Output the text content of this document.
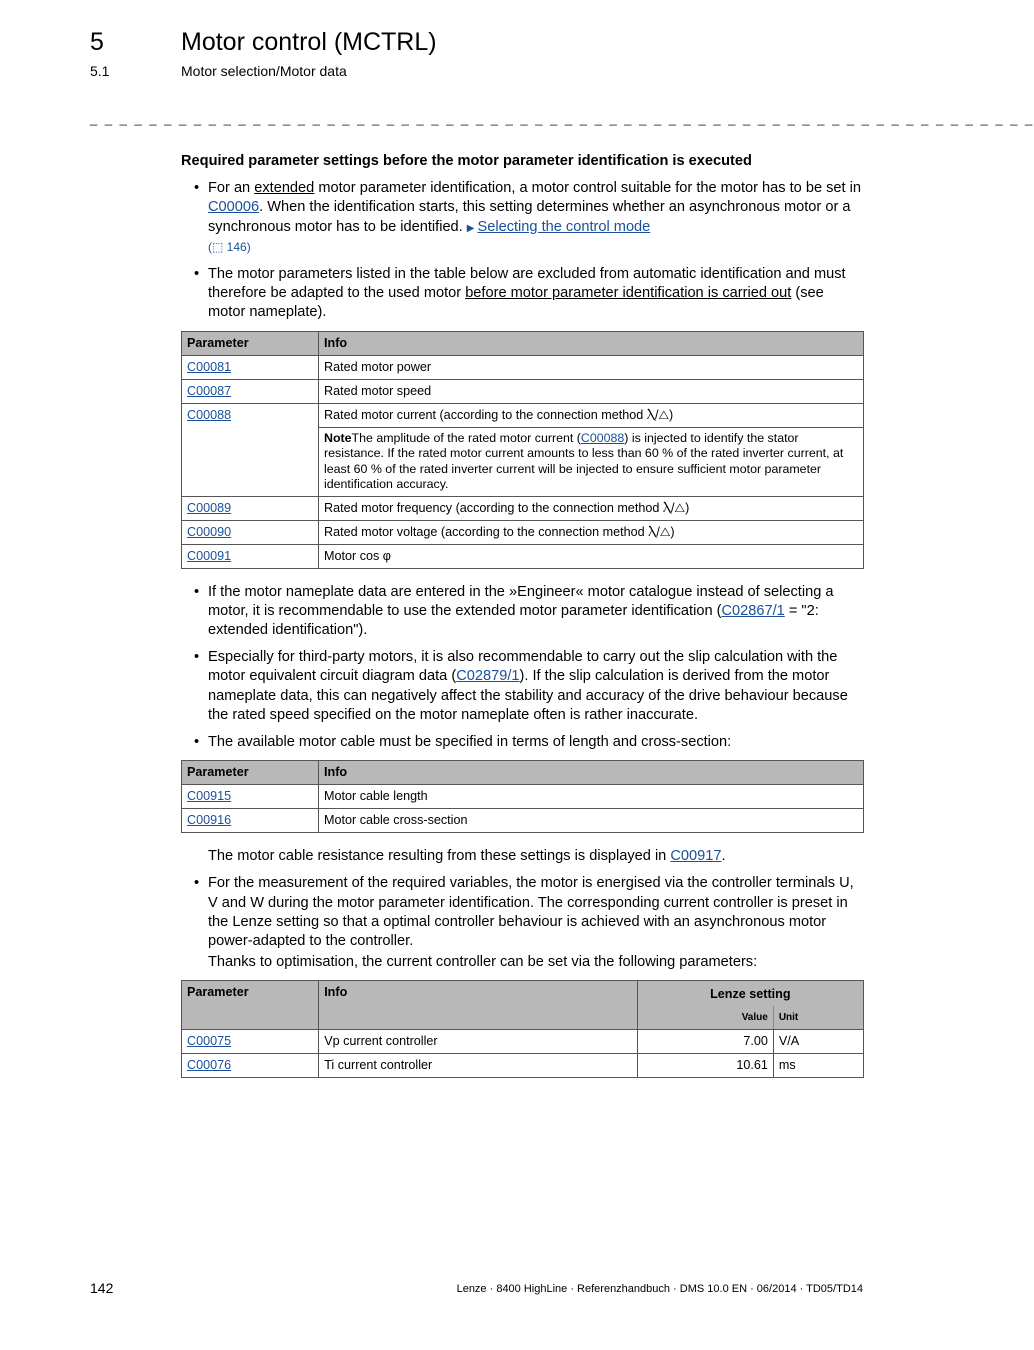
5	Motor control (MCTRL)
5.1	Motor selection/Motor data
_ _ _ _ _ _ _ _ _ _ _ _ _ _ _ _ _ _ _ _ _ _ _ _ _ _ _ _ _ _ _ _ _ _ _ _ _ _ _ _ _ _ _ _ _ _ _ _ _ _ _ _ _ _ _ _ _ _ _ _ _ _ _ _
Required parameter settings before the motor parameter identification is executed
• For an extended motor parameter identification, a motor control suitable for the motor has to be set in C00006. When the identification starts, this setting determines whether an asynchronous motor or a synchronous motor has to be identified. ▶ Selecting the control mode
(⬚ 146)
• The motor parameters listed in the table below are excluded from automatic identification and must therefore be adapted to the used motor before motor parameter identification is carried out (see motor nameplate).
Parameter	Info
C00081	Rated motor power
C00087	Rated motor speed
C00088	Rated motor current (according to the connection method Ⲗ/△)
	NoteThe amplitude of the rated motor current (C00088) is injected to identify the stator resistance. If the rated motor current amounts to less than 60 % of the rated inverter current, at least 60 % of the rated inverter current will be injected to ensure sufficient motor parameter identification accuracy.
C00089	Rated motor frequency (according to the connection method Ⲗ/△)
C00090	Rated motor voltage (according to the connection method Ⲗ/△)
C00091	Motor cos φ
• If the motor nameplate data are entered in the »Engineer« motor catalogue instead of selecting a motor, it is recommendable to use the extended motor parameter identification (C02867/1 = "2: extended identification").
• Especially for third-party motors, it is also recommendable to carry out the slip calculation with the motor equivalent circuit diagram data (C02879/1). If the slip calculation is derived from the motor nameplate data, this can negatively affect the stability and accuracy of the drive behaviour because the rated speed specified on the motor nameplate often is rather inaccurate.
• The available motor cable must be specified in terms of length and cross-section:
Parameter	Info
C00915	Motor cable length
C00916	Motor cable cross-section
The motor cable resistance resulting from these settings is displayed in C00917.
• For the measurement of the required variables, the motor is energised via the controller terminals U, V and W during the motor parameter identification. The corresponding current controller is preset in the Lenze setting so that a optimal controller behaviour is achieved with an asynchronous motor power-adapted to the controller.
Thanks to optimisation, the current controller can be set via the following parameters:
Parameter	Info	Lenze setting	
		Value	Unit
C00075	Vp current controller	7.00	V/A
C00076	Ti current controller	10.61	ms
142	Lenze · 8400 HighLine · Referenzhandbuch · DMS 10.0 EN · 06/2014 · TD05/TD14
